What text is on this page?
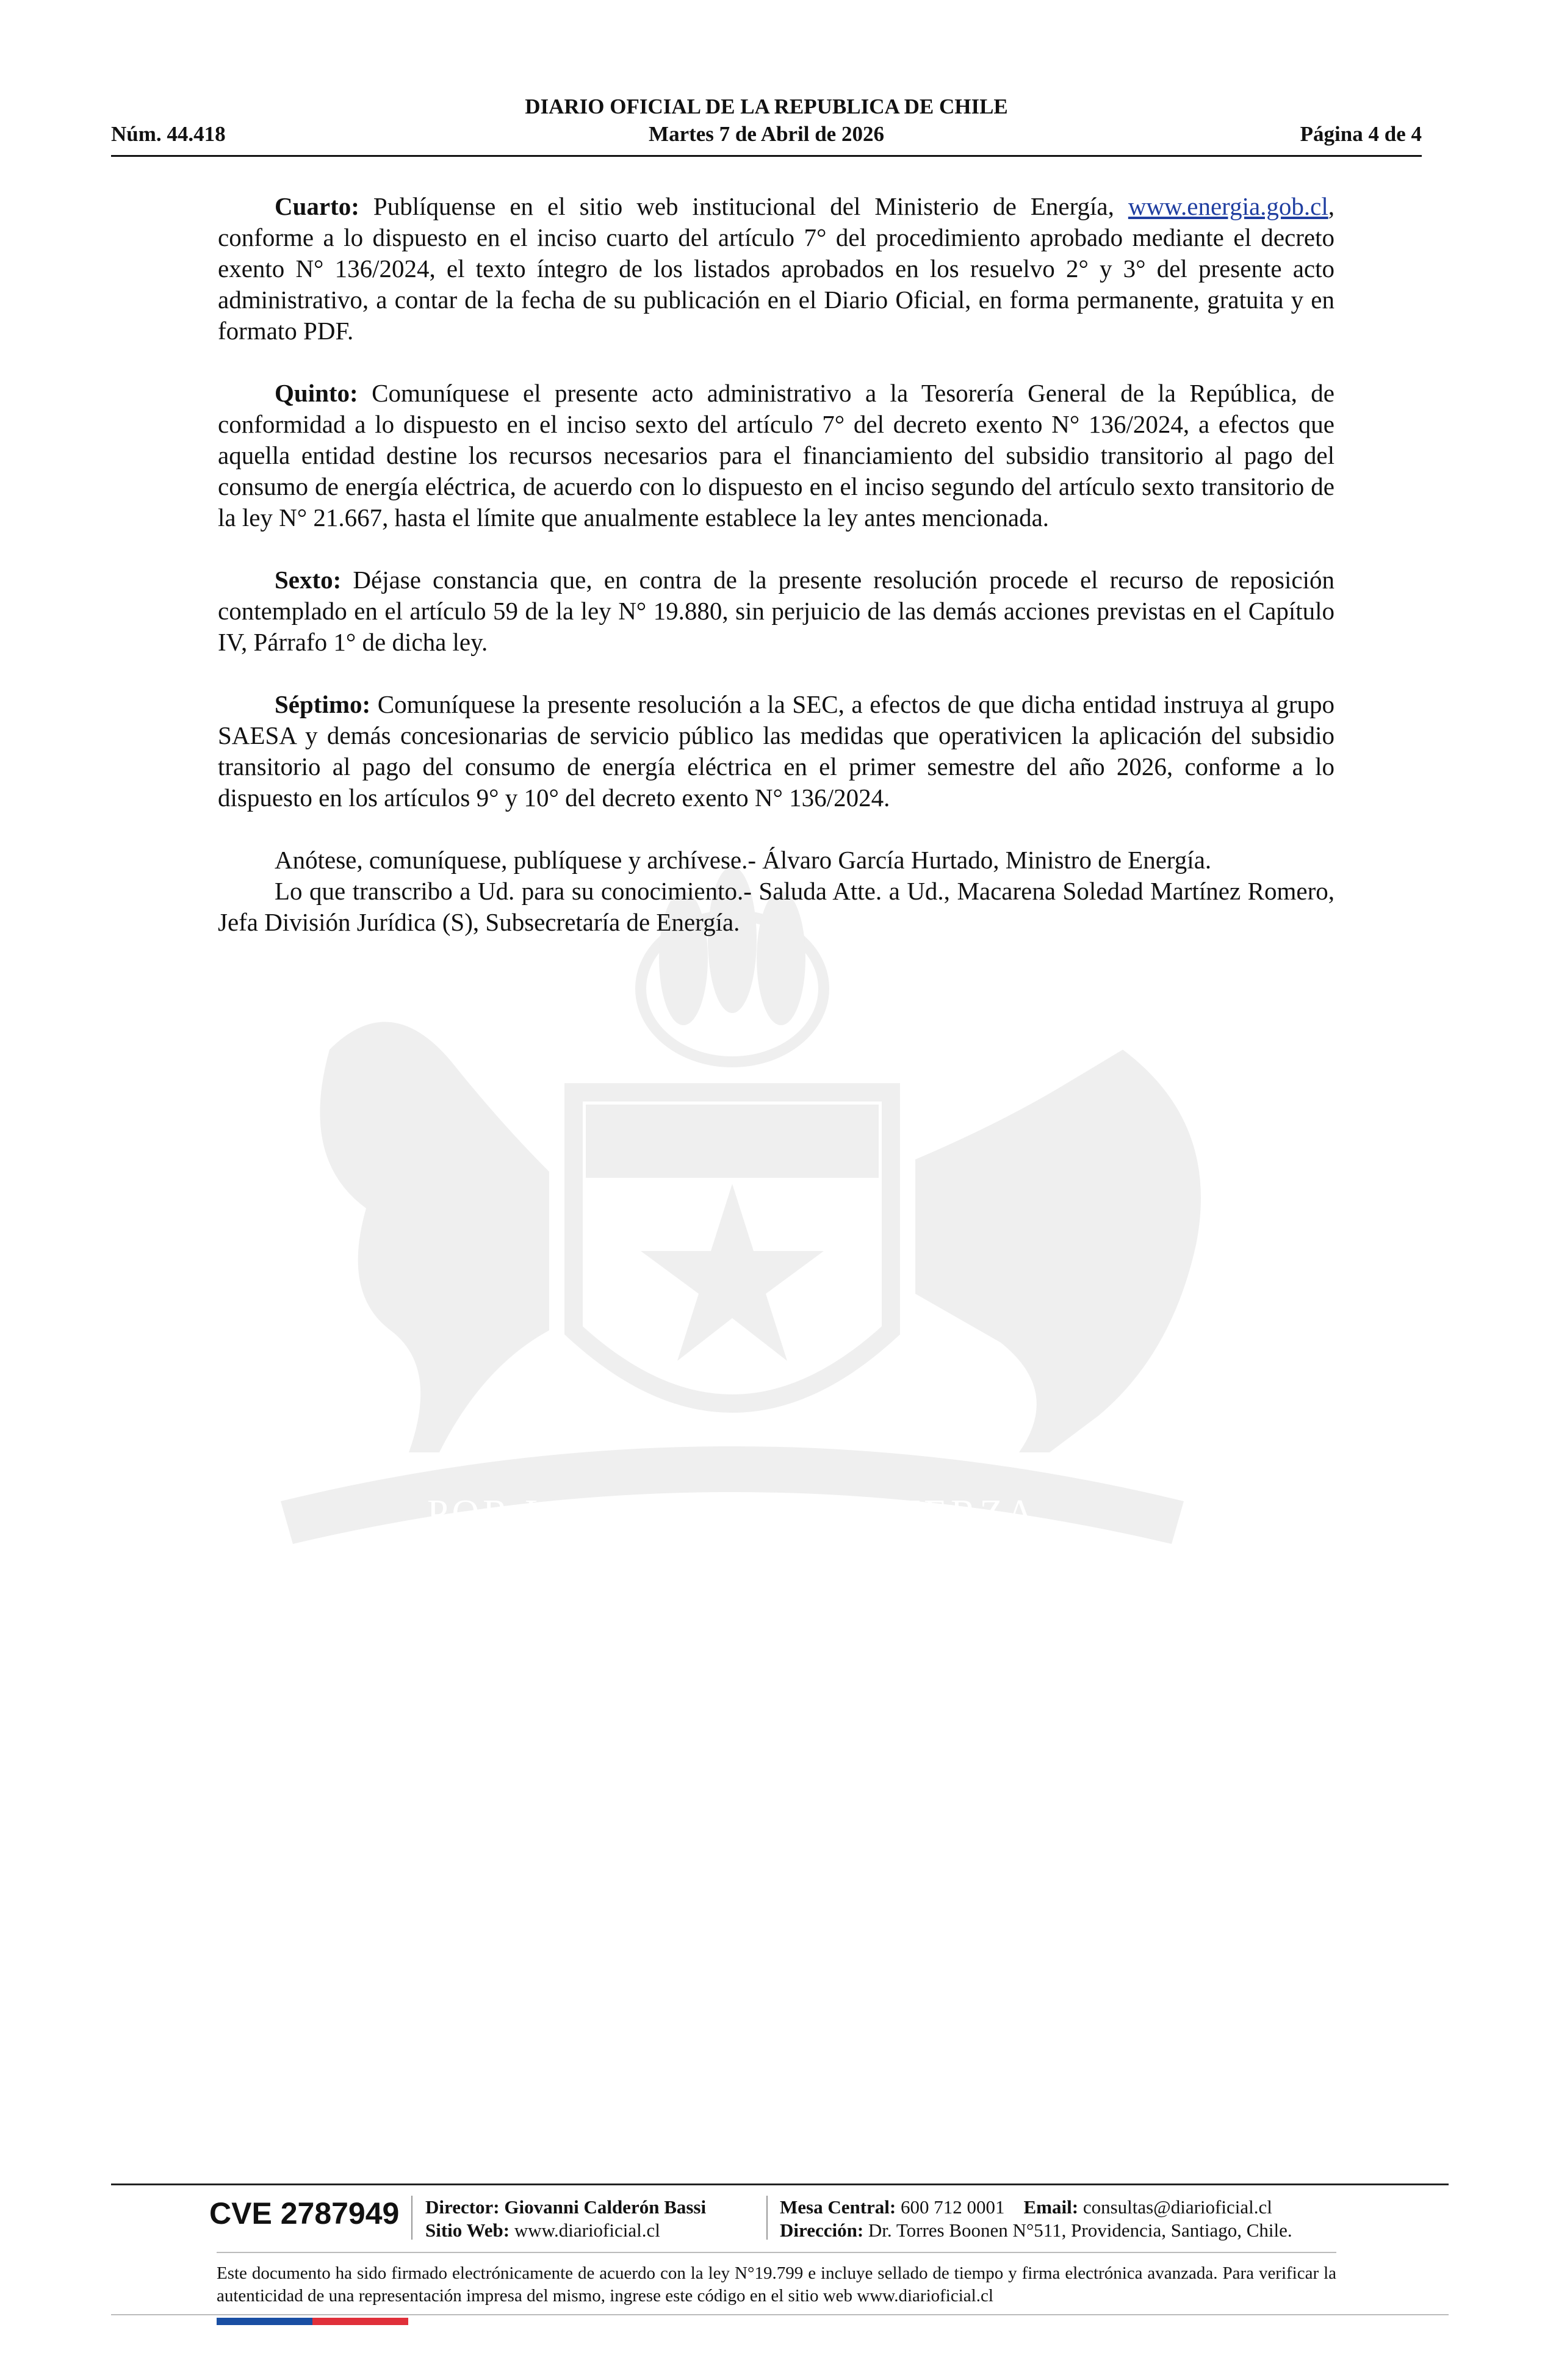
DIARIO OFICIAL DE LA REPUBLICA DE CHILE
Núm. 44.418	Martes 7 de Abril de 2026	Página 4 de 4
POR LA RAZÓN O LA FUERZA

Cuarto: Publíquense en el sitio web institucional del Ministerio de Energía, www.energia.gob.cl, conforme a lo dispuesto en el inciso cuarto del artículo 7° del procedimiento aprobado mediante el decreto exento N° 136/2024, el texto íntegro de los listados aprobados en los resuelvo 2° y 3° del presente acto administrativo, a contar de la fecha de su publicación en el Diario Oficial, en forma permanente, gratuita y en formato PDF.

Quinto: Comuníquese el presente acto administrativo a la Tesorería General de la República, de conformidad a lo dispuesto en el inciso sexto del artículo 7° del decreto exento N° 136/2024, a efectos que aquella entidad destine los recursos necesarios para el financiamiento del subsidio transitorio al pago del consumo de energía eléctrica, de acuerdo con lo dispuesto en el inciso segundo del artículo sexto transitorio de la ley N° 21.667, hasta el límite que anualmente establece la ley antes mencionada.

Sexto: Déjase constancia que, en contra de la presente resolución procede el recurso de reposición contemplado en el artículo 59 de la ley N° 19.880, sin perjuicio de las demás acciones previstas en el Capítulo IV, Párrafo 1° de dicha ley.

Séptimo: Comuníquese la presente resolución a la SEC, a efectos de que dicha entidad instruya al grupo SAESA y demás concesionarias de servicio público las medidas que operativicen la aplicación del subsidio transitorio al pago del consumo de energía eléctrica en el primer semestre del año 2026, conforme a lo dispuesto en los artículos 9° y 10° del decreto exento N° 136/2024.

Anótese, comuníquese, publíquese y archívese.- Álvaro García Hurtado, Ministro de Energía.

Lo que transcribo a Ud. para su conocimiento.- Saluda Atte. a Ud., Macarena Soledad Martínez Romero, Jefa División Jurídica (S), Subsecretaría de Energía.

CVE 2787949 Director: Giovanni Calderón Bassi
Sitio Web: www.diarioficial.cl
Mesa Central: 600 712 0001 Email: consultas@diarioficial.cl
Dirección: Dr. Torres Boonen N°511, Providencia, Santiago, Chile.
Este documento ha sido firmado electrónicamente de acuerdo con la ley N°19.799 e incluye sellado de tiempo y firma electrónica avanzada. Para verificar la autenticidad de una representación impresa del mismo, ingrese este código en el sitio web www.diarioficial.cl
